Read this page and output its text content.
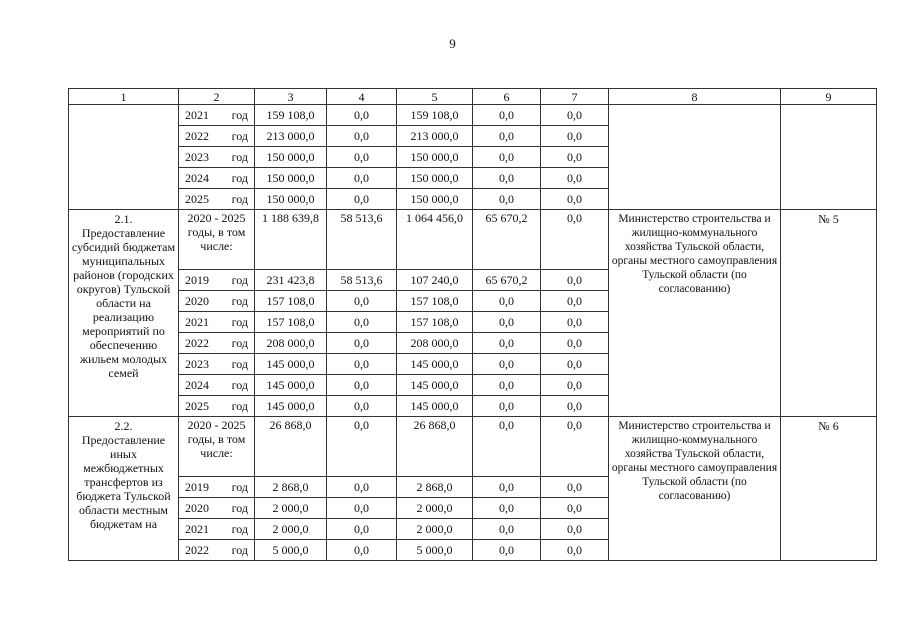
9
1	2	3	4	5	6	7	8	9

	2021 год	159 108,0	0,0	159 108,0	0,0	0,0		

	2022 год	213 000,0	0,0	213 000,0	0,0	0,0		

	2023 год	150 000,0	0,0	150 000,0	0,0	0,0		

	2024 год	150 000,0	0,0	150 000,0	0,0	0,0		

	2025 год	150 000,0	0,0	150 000,0	0,0	0,0		

2.1.
Предоставление субсидий бюджетам муниципальных районов (городских округов) Тульской области на реализацию мероприятий по обеспечению жильем молодых семей	2020 - 2025 годы, в том числе:	1 188 639,8	58 513,6	1 064 456,0	65 670,2	0,0	Министерство строительства и жилищно-коммунального хозяйства Тульской области, органы местного самоуправления Тульской области (по согласованию)	№ 5

	2019 год	231 423,8	58 513,6	107 240,0	65 670,2	0,0		

	2020 год	157 108,0	0,0	157 108,0	0,0	0,0		

	2021 год	157 108,0	0,0	157 108,0	0,0	0,0		

	2022 год	208 000,0	0,0	208 000,0	0,0	0,0		

	2023 год	145 000,0	0,0	145 000,0	0,0	0,0		

	2024 год	145 000,0	0,0	145 000,0	0,0	0,0		

	2025 год	145 000,0	0,0	145 000,0	0,0	0,0		

2.2.
Предоставление иных межбюджетных трансфертов из бюджета Тульской области местным бюджетам на	2020 - 2025 годы, в том числе:	26 868,0	0,0	26 868,0	0,0	0,0	Министерство строительства и жилищно-коммунального хозяйства Тульской области, органы местного самоуправления Тульской области (по согласованию)	№ 6

	2019 год	2 868,0	0,0	2 868,0	0,0	0,0		

	2020 год	2 000,0	0,0	2 000,0	0,0	0,0		

	2021 год	2 000,0	0,0	2 000,0	0,0	0,0		

	2022 год	5 000,0	0,0	5 000,0	0,0	0,0		
